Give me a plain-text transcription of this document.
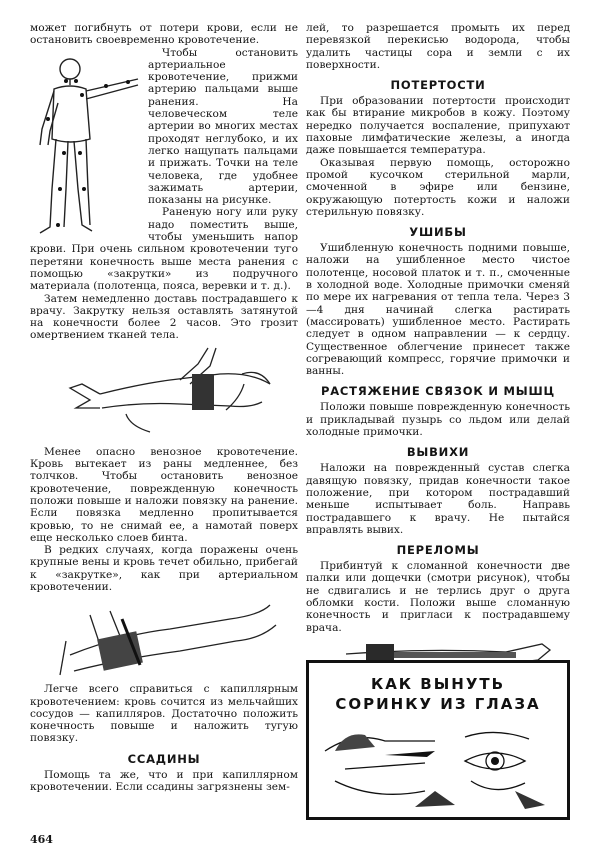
может погибнуть от потери крови, если не остановить своевременно кровотечение.

Чтобы остановить артериальное кровотечение, прижми артерию пальцами выше ранения. На человеческом теле артерии во многих местах проходят неглубоко, и их легко нащупать пальцами и прижать. Точки на теле человека, где удобнее зажимать артерии, показаны на рисунке.

Раненую ногу или руку надо поместить выше, чтобы уменьшить напор крови. При очень сильном кровотечении туго перетяни конечность выше места ранения с помощью «закрутки» из подручного материала (полотенца, пояса, веревки и т. д.).

Затем немедленно доставь пострадавшего к врачу. Закрутку нельзя оставлять затянутой на конечности более 2 часов. Это грозит омертвением тканей тела.

Менее опасно венозное кровотечение. Кровь вытекает из раны медленнее, без толчков. Чтобы остановить венозное кровотечение, поврежденную конечность положи повыше и наложи повязку на ранение. Если повязка медленно пропитывается кровью, то не снимай ее, а намотай поверх еще несколько слоев бинта.

В редких случаях, когда поражены очень крупные вены и кровь течет обильно, прибегай к «закрутке», как при артериальном кровотечении.

Легче всего справиться с капиллярным кровотечением: кровь сочится из мельчайших сосудов — капилляров. Достаточно положить конечность повыше и наложить тугую повязку.

ССАДИНЫ

Помощь та же, что и при капиллярном кровотечении. Если ссадины загрязнены зем-

лей, то разрешается промыть их перед перевязкой перекисью водорода, чтобы удалить частицы сора и земли с их поверхности.

ПОТЕРТОСТИ

При образовании потертости происходит как бы втирание микробов в кожу. Поэтому нередко получается воспаление, припухают паховые лимфатические железы, а иногда даже повышается температура.

Оказывая первую помощь, осторожно промой кусочком стерильной марли, смоченной в эфире или бензине, окружающую потертость кожи и наложи стерильную повязку.

УШИБЫ

Ушибленную конечность подними повыше, наложи на ушибленное место чистое полотенце, носовой платок и т. п., смоченные в холодной воде. Холодные примочки сменяй по мере их нагревания от тепла тела. Через 3—4 дня начинай слегка растирать (массировать) ушибленное место. Растирать следует в одном направлении — к сердцу. Существенное облегчение принесет также согревающий компресс, горячие примочки и ванны.

РАСТЯЖЕНИЕ СВЯЗОК И МЫШЦ

Положи повыше поврежденную конечность и прикладывай пузырь со льдом или делай холодные примочки.

ВЫВИХИ

Наложи на поврежденный сустав слегка давящую повязку, придав конечности такое положение, при котором пострадавший меньше испытывает боль. Направь пострадавшего к врачу. Не пытайся вправлять вывих.

ПЕРЕЛОМЫ

Прибинтуй к сломанной конечности две палки или дощечки (смотри рисунок), чтобы не сдвигались и не терлись друг о друга обломки кости. Положи выше сломанную конечность и пригласи к пострадавшему врача.

КАК ВЫНУТЬ
СОРИНКУ ИЗ ГЛАЗА
464
